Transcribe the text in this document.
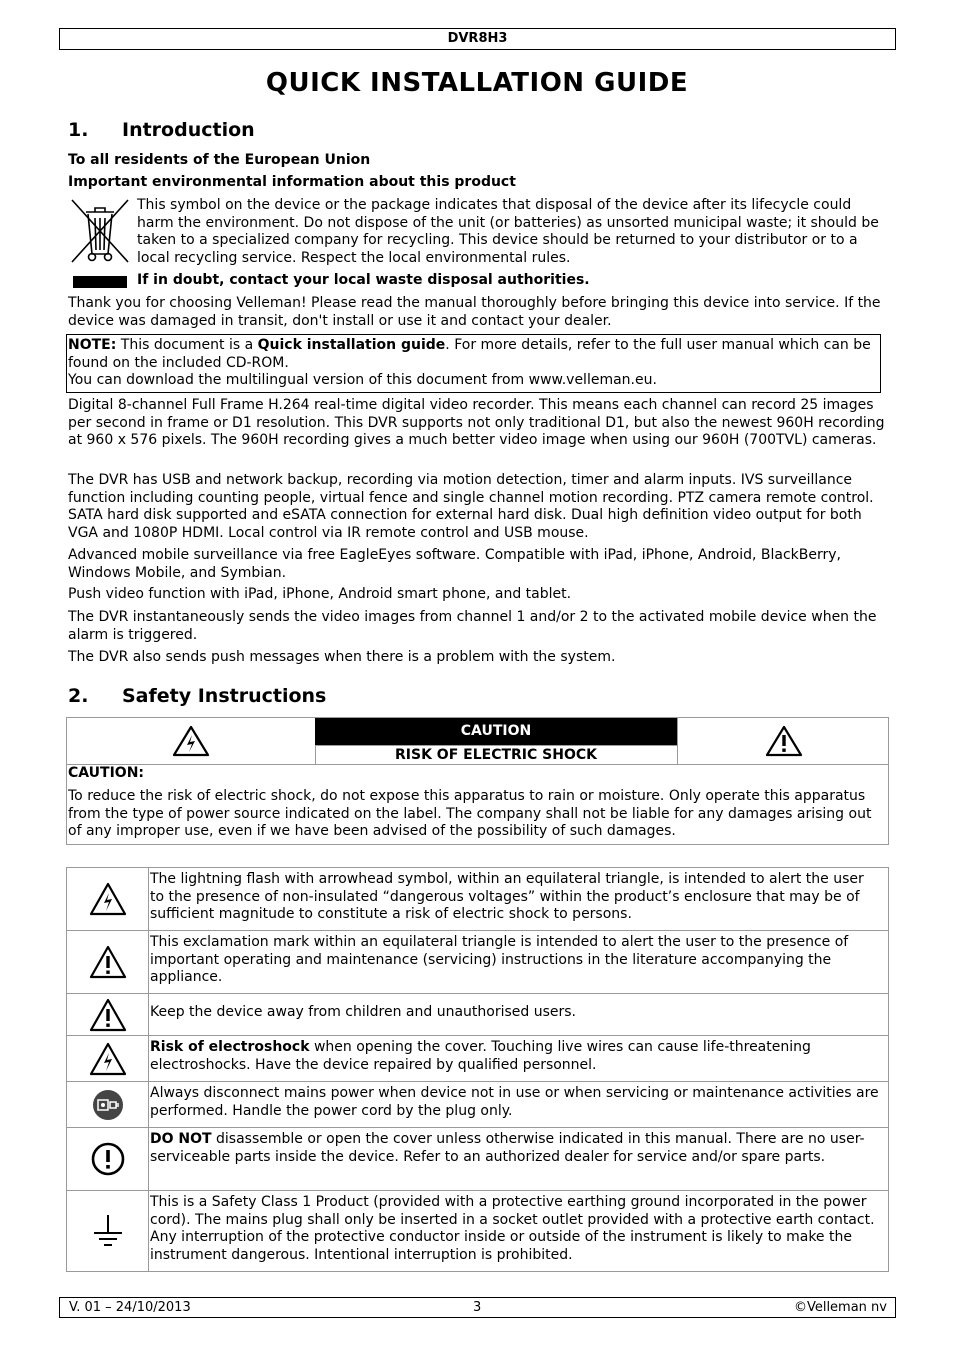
DVR8H3
QUICK INSTALLATION GUIDE
1. Introduction
To all residents of the European Union
Important environmental information about this product
This symbol on the device or the package indicates that disposal of the device after its lifecycle could harm the environment. Do not dispose of the unit (or batteries) as unsorted municipal waste; it should be taken to a specialized company for recycling. This device should be returned to your distributor or to a local recycling service. Respect the local environmental rules.
If in doubt, contact your local waste disposal authorities.
Thank you for choosing Velleman! Please read the manual thoroughly before bringing this device into service. If the device was damaged in transit, don't install or use it and contact your dealer.
NOTE: This document is a Quick installation guide. For more details, refer to the full user manual which can be found on the included CD-ROM.
You can download the multilingual version of this document from www.velleman.eu.
Digital 8-channel Full Frame H.264 real-time digital video recorder. This means each channel can record 25 images per second in frame or D1 resolution. This DVR supports not only traditional D1, but also the newest 960H recording at 960 x 576 pixels. The 960H recording gives a much better video image when using our 960H (700TVL) cameras.
The DVR has USB and network backup, recording via motion detection, timer and alarm inputs. IVS surveillance function including counting people, virtual fence and single channel motion recording. PTZ camera remote control. SATA hard disk supported and eSATA connection for external hard disk. Dual high definition video output for both VGA and 1080P HDMI. Local control via IR remote control and USB mouse.
Advanced mobile surveillance via free EagleEyes software. Compatible with iPad, iPhone, Android, BlackBerry, Windows Mobile, and Symbian.
Push video function with iPad, iPhone, Android smart phone, and tablet.
The DVR instantaneously sends the video images from channel 1 and/or 2 to the activated mobile device when the alarm is triggered.
The DVR also sends push messages when there is a problem with the system.
2. Safety Instructions
CAUTION
RISK OF ELECTRIC SHOCK
CAUTION:
To reduce the risk of electric shock, do not expose this apparatus to rain or moisture. Only operate this apparatus from the type of power source indicated on the label. The company shall not be liable for any damages arising out of any improper use, even if we have been advised of the possibility of such damages.
The lightning flash with arrowhead symbol, within an equilateral triangle, is intended to alert the user to the presence of non-insulated “dangerous voltages” within the product’s enclosure that may be of sufficient magnitude to constitute a risk of electric shock to persons.
This exclamation mark within an equilateral triangle is intended to alert the user to the presence of important operating and maintenance (servicing) instructions in the literature accompanying the appliance.
Keep the device away from children and unauthorised users.
Risk of electroshock when opening the cover. Touching live wires can cause life-threatening electroshocks. Have the device repaired by qualified personnel.
Always disconnect mains power when device not in use or when servicing or maintenance activities are performed. Handle the power cord by the plug only.
DO NOT disassemble or open the cover unless otherwise indicated in this manual. There are no user-serviceable parts inside the device. Refer to an authorized dealer for service and/or spare parts.
This is a Safety Class 1 Product (provided with a protective earthing ground incorporated in the power cord). The mains plug shall only be inserted in a socket outlet provided with a protective earth contact. Any interruption of the protective conductor inside or outside of the instrument is likely to make the instrument dangerous. Intentional interruption is prohibited.
V. 01 – 24/10/2013	3	©Velleman nv
